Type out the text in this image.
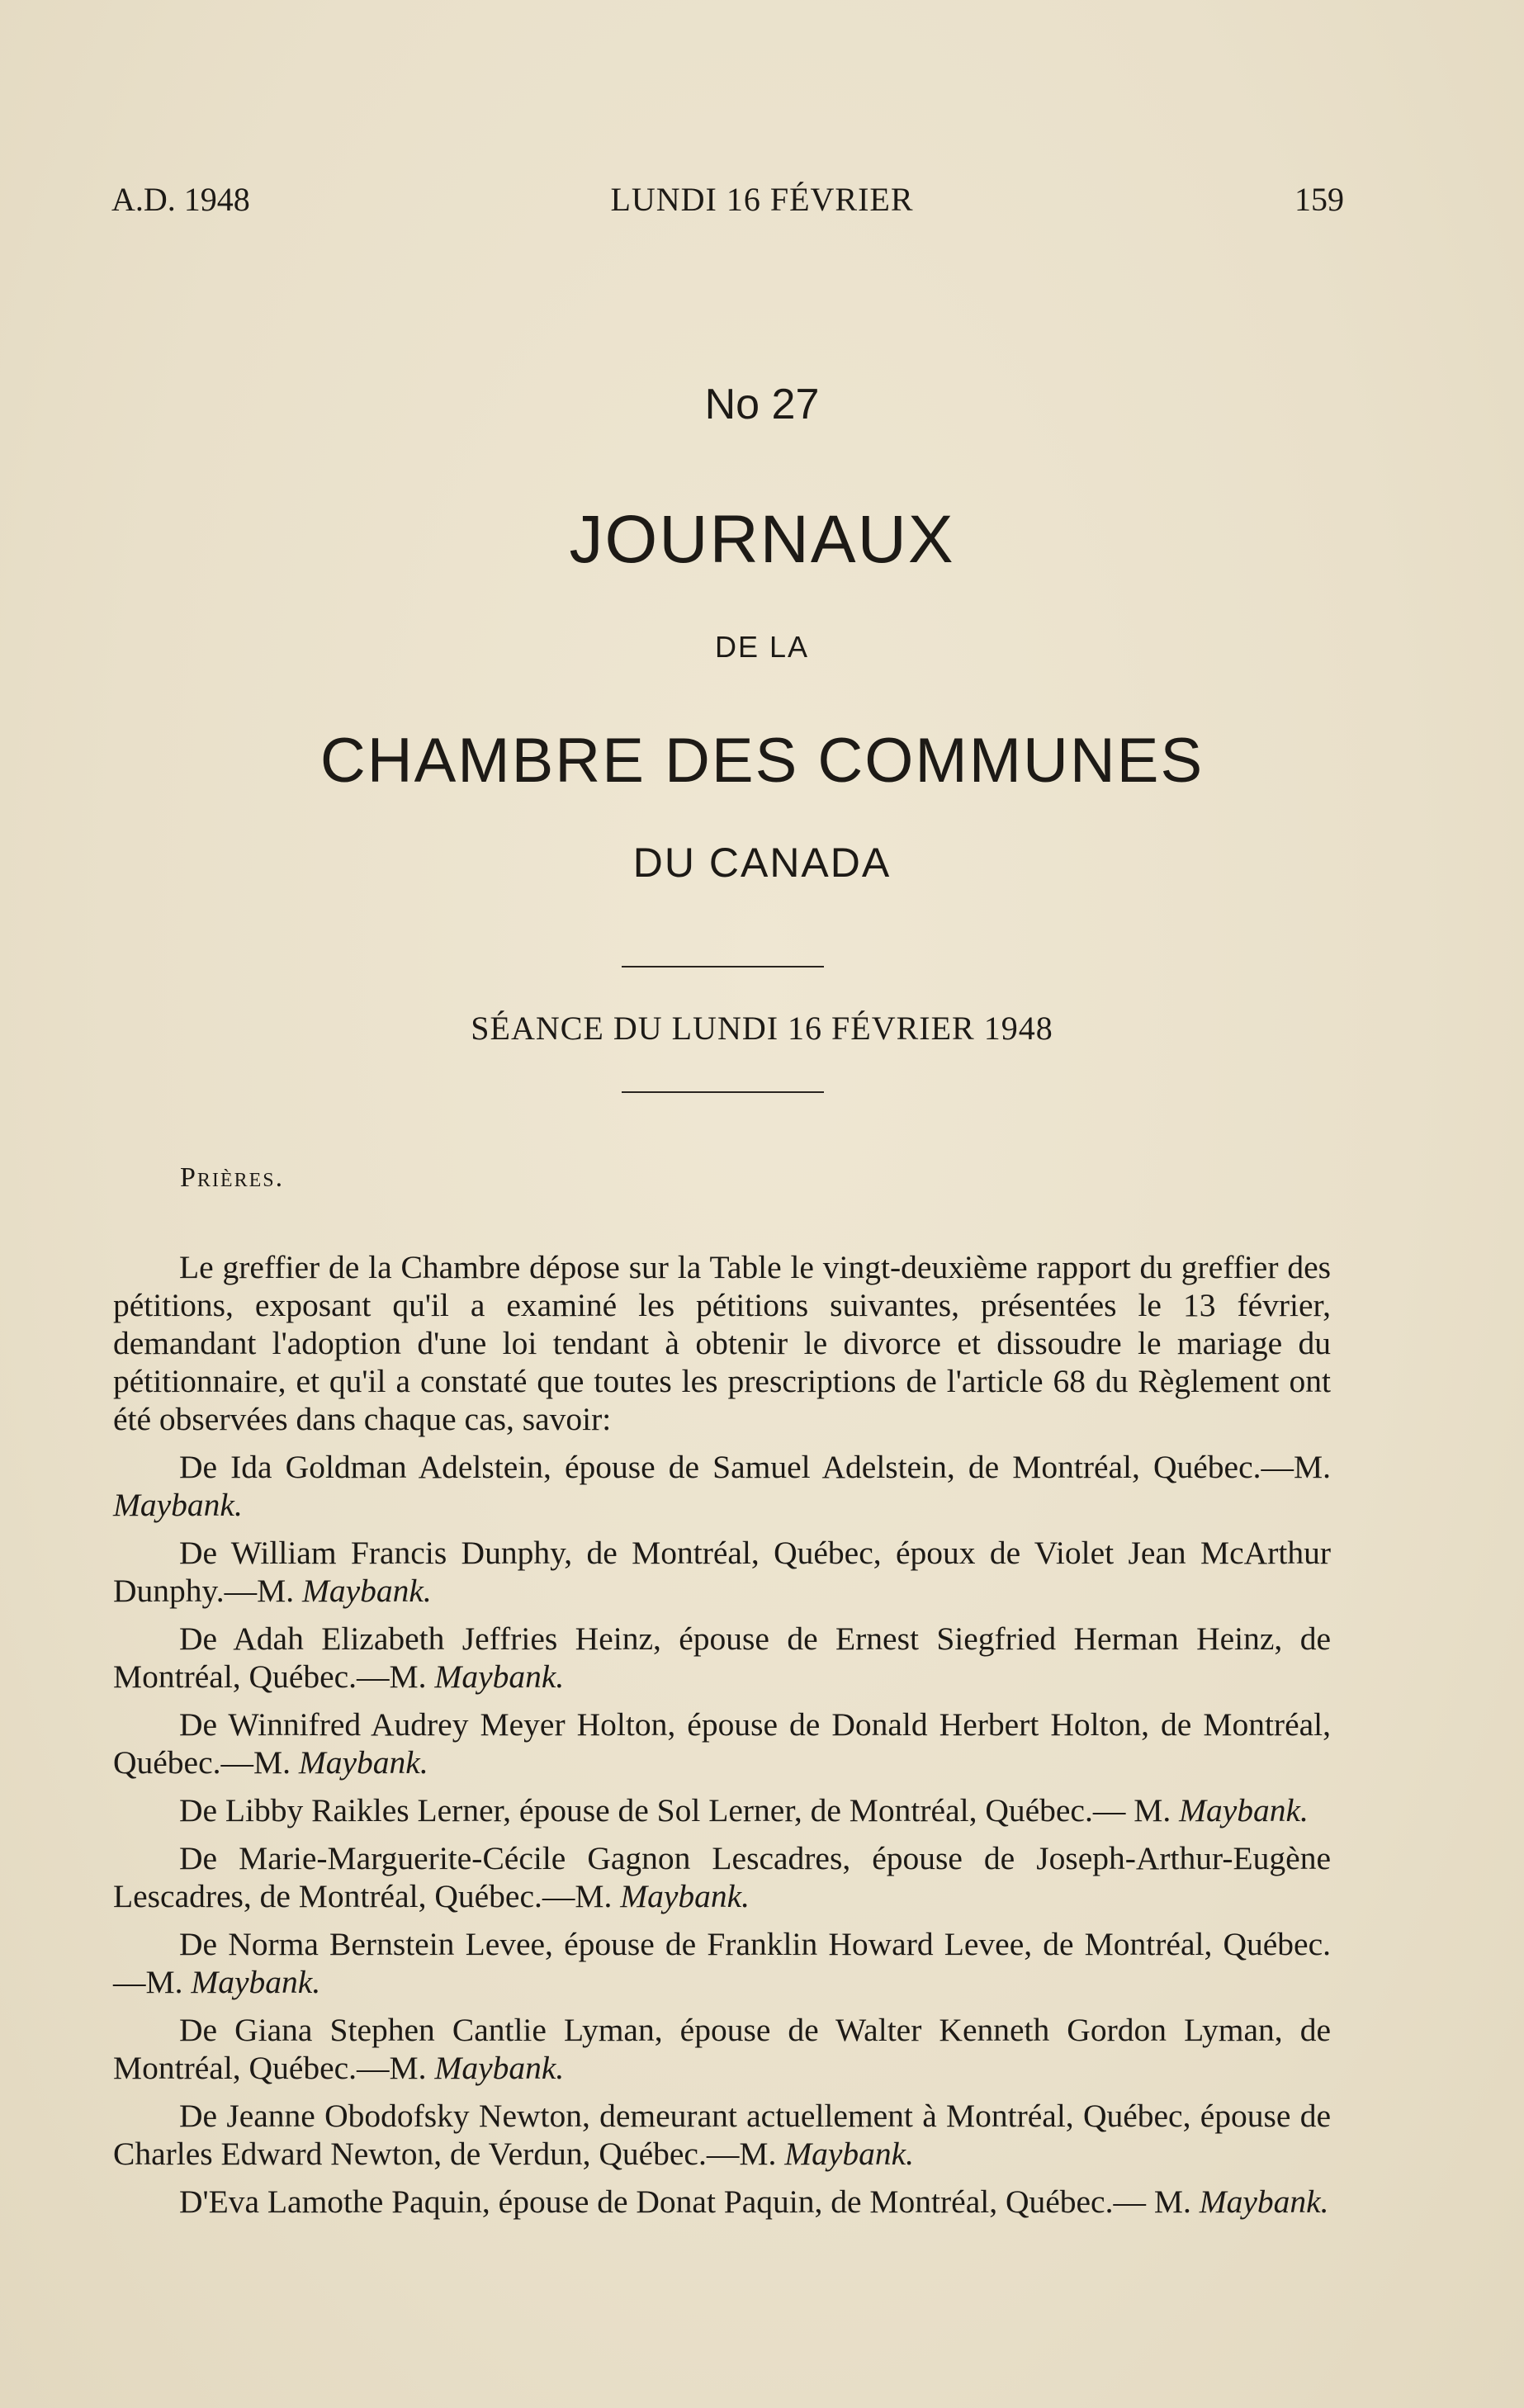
A.D. 1948	LUNDI 16 FÉVRIER	159
No 27
JOURNAUX
DE LA
CHAMBRE DES COMMUNES
DU CANADA
SÉANCE DU LUNDI 16 FÉVRIER 1948
Prières.

Le greffier de la Chambre dépose sur la Table le vingt-deuxième rapport du greffier des pétitions, exposant qu'il a examiné les pétitions suivantes, présentées le 13 février, demandant l'adoption d'une loi tendant à obtenir le divorce et dissoudre le mariage du pétitionnaire, et qu'il a constaté que toutes les prescriptions de l'article 68 du Règlement ont été observées dans chaque cas, savoir:

De Ida Goldman Adelstein, épouse de Samuel Adelstein, de Montréal, Québec.—M. Maybank.

De William Francis Dunphy, de Montréal, Québec, époux de Violet Jean McArthur Dunphy.—M. Maybank.

De Adah Elizabeth Jeffries Heinz, épouse de Ernest Siegfried Herman Heinz, de Montréal, Québec.—M. Maybank.

De Winnifred Audrey Meyer Holton, épouse de Donald Herbert Holton, de Montréal, Québec.—M. Maybank.

De Libby Raikles Lerner, épouse de Sol Lerner, de Montréal, Québec.— M. Maybank.

De Marie-Marguerite-Cécile Gagnon Lescadres, épouse de Joseph-Arthur-Eugène Lescadres, de Montréal, Québec.—M. Maybank.

De Norma Bernstein Levee, épouse de Franklin Howard Levee, de Montréal, Québec.—M. Maybank.

De Giana Stephen Cantlie Lyman, épouse de Walter Kenneth Gordon Lyman, de Montréal, Québec.—M. Maybank.

De Jeanne Obodofsky Newton, demeurant actuellement à Montréal, Québec, épouse de Charles Edward Newton, de Verdun, Québec.—M. Maybank.

D'Eva Lamothe Paquin, épouse de Donat Paquin, de Montréal, Québec.— M. Maybank.
